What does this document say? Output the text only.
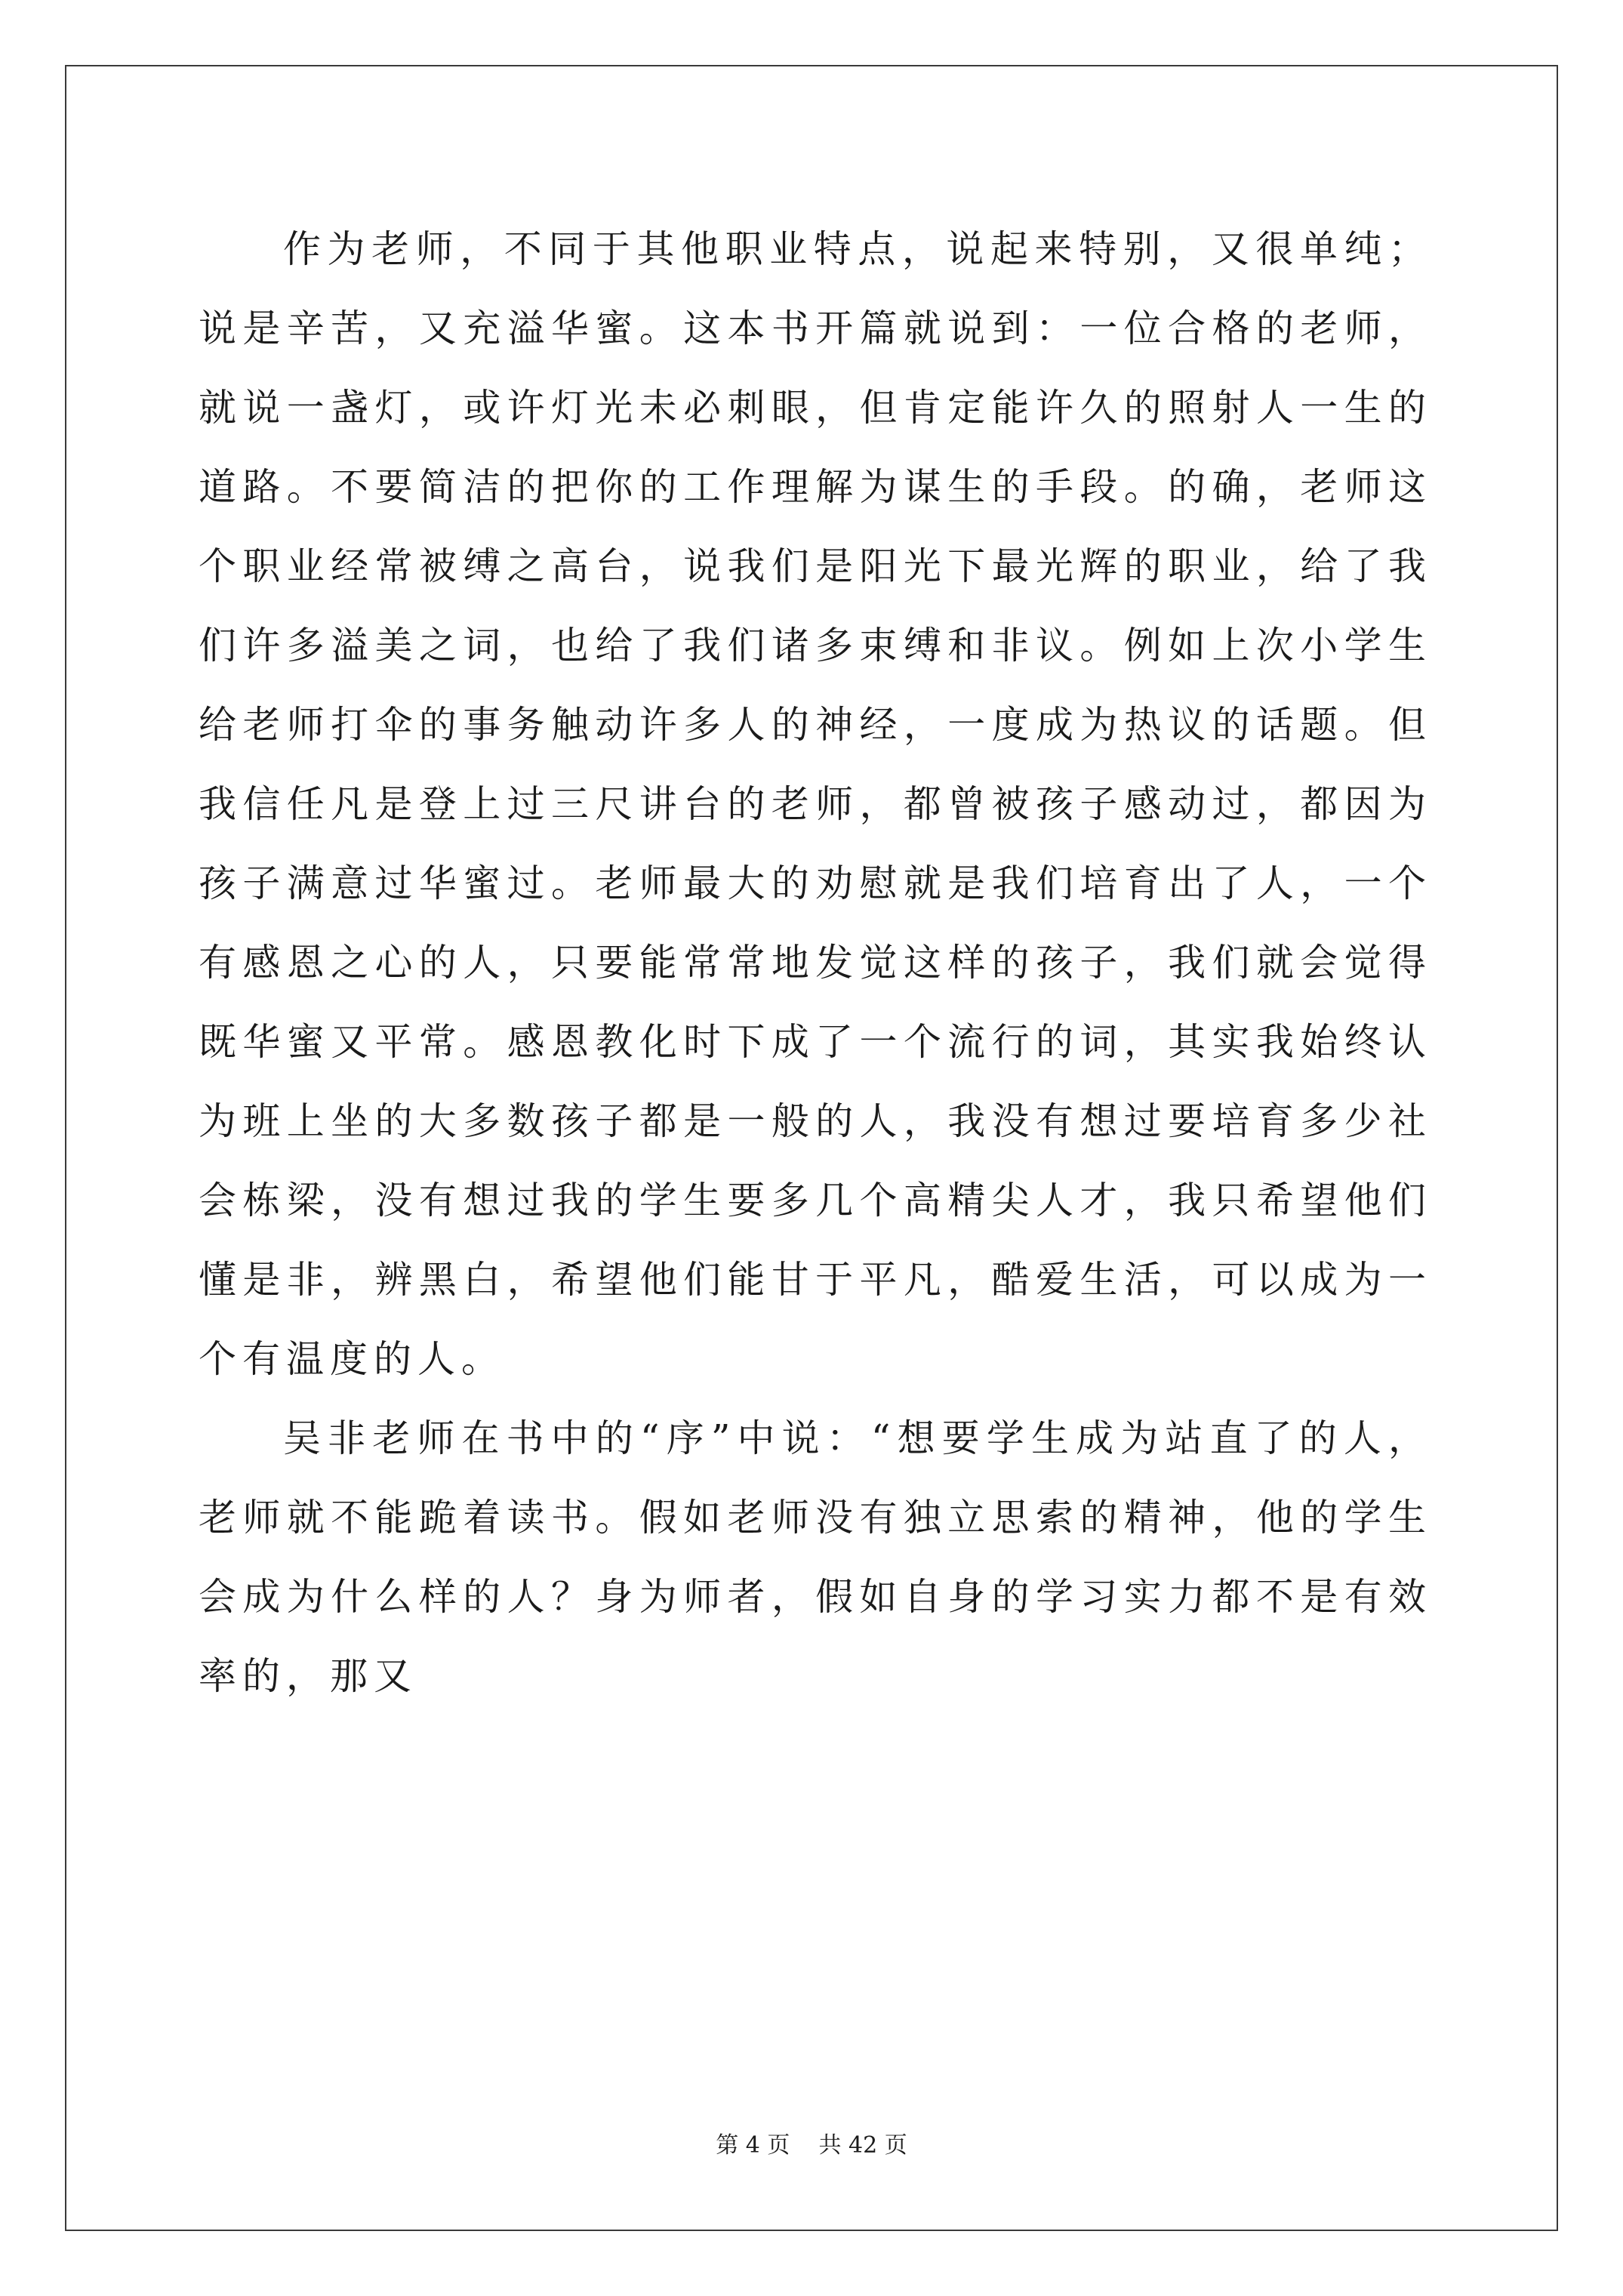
作为老师，不同于其他职业特点，说起来特别，又很单纯；说是辛苦，又充溢华蜜。这本书开篇就说到：一位合格的老师，就说一盏灯，或许灯光未必刺眼，但肯定能许久的照射人一生的道路。不要简洁的把你的工作理解为谋生的手段。的确，老师这个职业经常被缚之高台，说我们是阳光下最光辉的职业，给了我们许多溢美之词，也给了我们诸多束缚和非议。例如上次小学生给老师打伞的事务触动许多人的神经，一度成为热议的话题。但我信任凡是登上过三尺讲台的老师，都曾被孩子感动过，都因为孩子满意过华蜜过。老师最大的劝慰就是我们培育出了人，一个有感恩之心的人，只要能常常地发觉这样的孩子，我们就会觉得既华蜜又平常。感恩教化时下成了一个流行的词，其实我始终认为班上坐的大多数孩子都是一般的人，我没有想过要培育多少社会栋梁，没有想过我的学生要多几个高精尖人才，我只希望他们懂是非，辨黑白，希望他们能甘于平凡，酷爱生活，可以成为一个有温度的人。

吴非老师在书中的“序”中说：“想要学生成为站直了的人，老师就不能跪着读书。假如老师没有独立思索的精神，他的学生会成为什么样的人？身为师者，假如自身的学习实力都不是有效率的，那又

第 4 页    共 42 页
